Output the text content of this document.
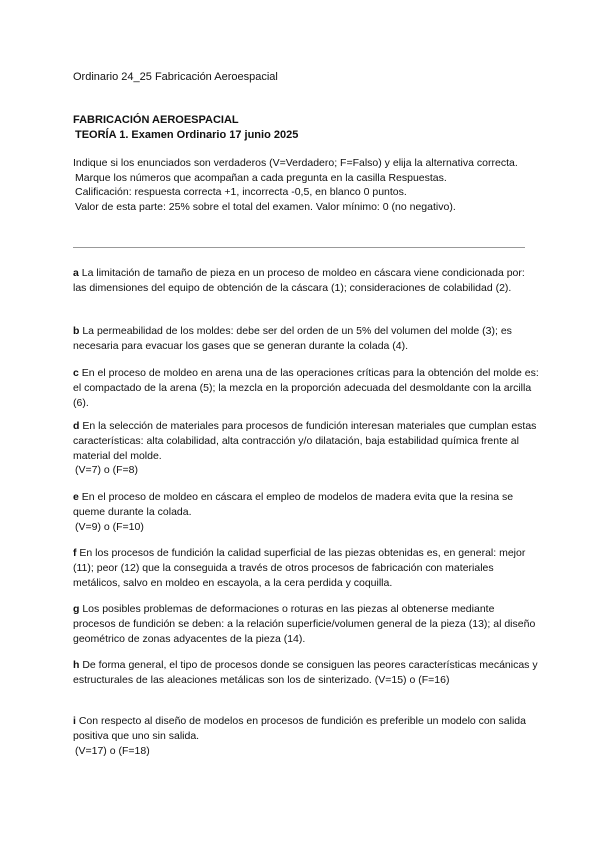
Ordinario 24_25 Fabricación Aeroespacial
FABRICACIÓN AEROESPACIAL
TEORÍA 1. Examen Ordinario 17 junio 2025
Indique si los enunciados son verdaderos (V=Verdadero; F=Falso) y elija la alternativa correcta.
Marque los números que acompañan a cada pregunta en la casilla Respuestas.
Calificación: respuesta correcta +1, incorrecta -0,5, en blanco 0 puntos.
Valor de esta parte: 25% sobre el total del examen. Valor mínimo: 0 (no negativo).
a La limitación de tamaño de pieza en un proceso de moldeo en cáscara viene condicionada por: las dimensiones del equipo de obtención de la cáscara (1); consideraciones de colabilidad (2).
b La permeabilidad de los moldes: debe ser del orden de un 5% del volumen del molde (3); es necesaria para evacuar los gases que se generan durante la colada (4).
c En el proceso de moldeo en arena una de las operaciones críticas para la obtención del molde es: el compactado de la arena (5); la mezcla en la proporción adecuada del desmoldante con la arcilla (6).
d En la selección de materiales para procesos de fundición interesan materiales que cumplan estas características: alta colabilidad, alta contracción y/o dilatación, baja estabilidad química frente al material del molde.
(V=7) o (F=8)
e En el proceso de moldeo en cáscara el empleo de modelos de madera evita que la resina se queme durante la colada.
(V=9) o (F=10)
f En los procesos de fundición la calidad superficial de las piezas obtenidas es, en general: mejor (11); peor (12) que la conseguida a través de otros procesos de fabricación con materiales metálicos, salvo en moldeo en escayola, a la cera perdida y coquilla.
g Los posibles problemas de deformaciones o roturas en las piezas al obtenerse mediante procesos de fundición se deben: a la relación superficie/volumen general de la pieza (13); al diseño geométrico de zonas adyacentes de la pieza (14).
h De forma general, el tipo de procesos donde se consiguen las peores características mecánicas y estructurales de las aleaciones metálicas son los de sinterizado. (V=15) o (F=16)
i Con respecto al diseño de modelos en procesos de fundición es preferible un modelo con salida positiva que uno sin salida.
(V=17) o (F=18)
